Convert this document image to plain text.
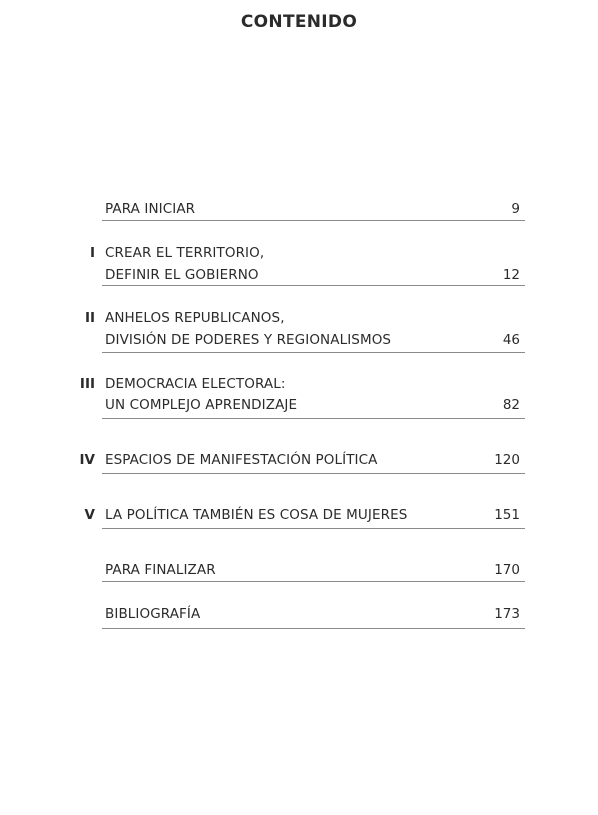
CONTENIDO
PARA INICIAR	9
I CREAR EL TERRITORIO,
DEFINIR EL GOBIERNO	12
II ANHELOS REPUBLICANOS,
DIVISIÓN DE PODERES Y REGIONALISMOS	46
III DEMOCRACIA ELECTORAL:
UN COMPLEJO APRENDIZAJE	82
IV ESPACIOS DE MANIFESTACIÓN POLÍTICA	120
V LA POLÍTICA TAMBIÉN ES COSA DE MUJERES	151
PARA FINALIZAR	170
BIBLIOGRAFÍA	173
